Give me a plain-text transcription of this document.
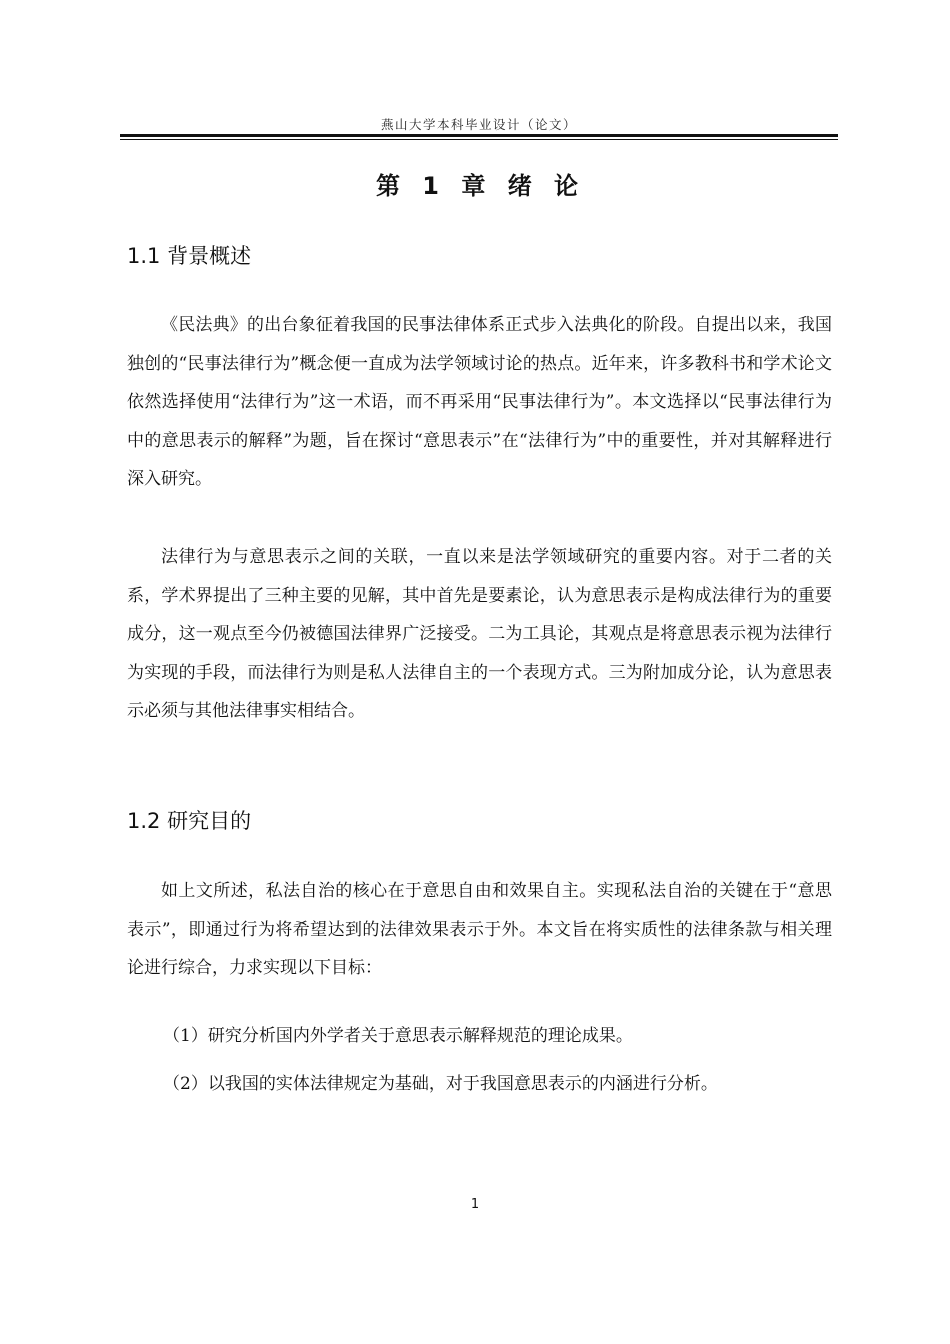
燕山大学本科毕业设计（论文）
第 1 章 绪 论
1.1 背景概述

《民法典》的出台象征着我国的民事法律体系正式步入法典化的阶段。自提出以来，我国独创的“民事法律行为”概念便一直成为法学领域讨论的热点。近年来，许多教科书和学术论文依然选择使用“法律行为”这一术语，而不再采用“民事法律行为”。本文选择以“民事法律行为中的意思表示的解释”为题，旨在探讨“意思表示”在“法律行为”中的重要性，并对其解释进行深入研究。

法律行为与意思表示之间的关联，一直以来是法学领域研究的重要内容。对于二者的关系，学术界提出了三种主要的见解，其中首先是要素论，认为意思表示是构成法律行为的重要成分，这一观点至今仍被德国法律界广泛接受。二为工具论，其观点是将意思表示视为法律行为实现的手段，而法律行为则是私人法律自主的一个表现方式。三为附加成分论，认为意思表示必须与其他法律事实相结合。

1.2 研究目的

如上文所述，私法自治的核心在于意思自由和效果自主。实现私法自治的关键在于“意思表示”，即通过行为将希望达到的法律效果表示于外。本文旨在将实质性的法律条款与相关理论进行综合，力求实现以下目标：

（1）研究分析国内外学者关于意思表示解释规范的理论成果。

（2）以我国的实体法律规定为基础，对于我国意思表示的内涵进行分析。

1
